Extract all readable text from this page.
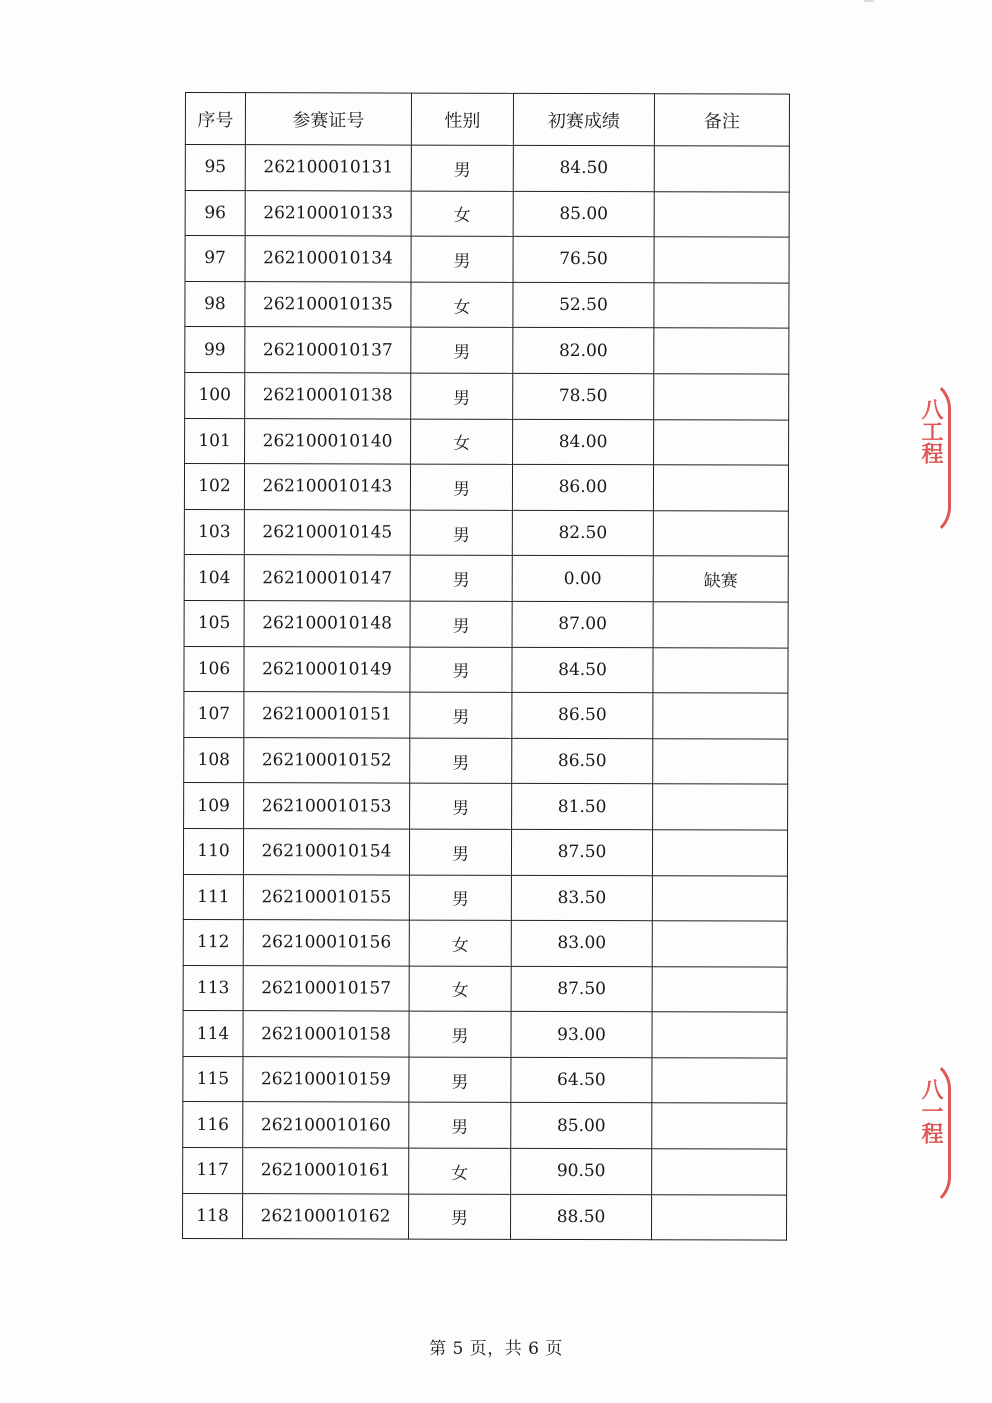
序号	参赛证号	性别	初赛成绩	备注
95	262100010131	男	84.50	
96	262100010133	女	85.00	
97	262100010134	男	76.50	
98	262100010135	女	52.50	
99	262100010137	男	82.00	
100	262100010138	男	78.50	
101	262100010140	女	84.00	
102	262100010143	男	86.00	
103	262100010145	男	82.50	
104	262100010147	男	0.00	缺赛
105	262100010148	男	87.00	
106	262100010149	男	84.50	
107	262100010151	男	86.50	
108	262100010152	男	86.50	
109	262100010153	男	81.50	
110	262100010154	男	87.50	
111	262100010155	男	83.50	
112	262100010156	女	83.00	
113	262100010157	女	87.50	
114	262100010158	男	93.00	
115	262100010159	男	64.50	
116	262100010160	男	85.00	
117	262100010161	女	90.50	
118	262100010162	男	88.50	
第 5 页，共 6 页
八工程
八一程
